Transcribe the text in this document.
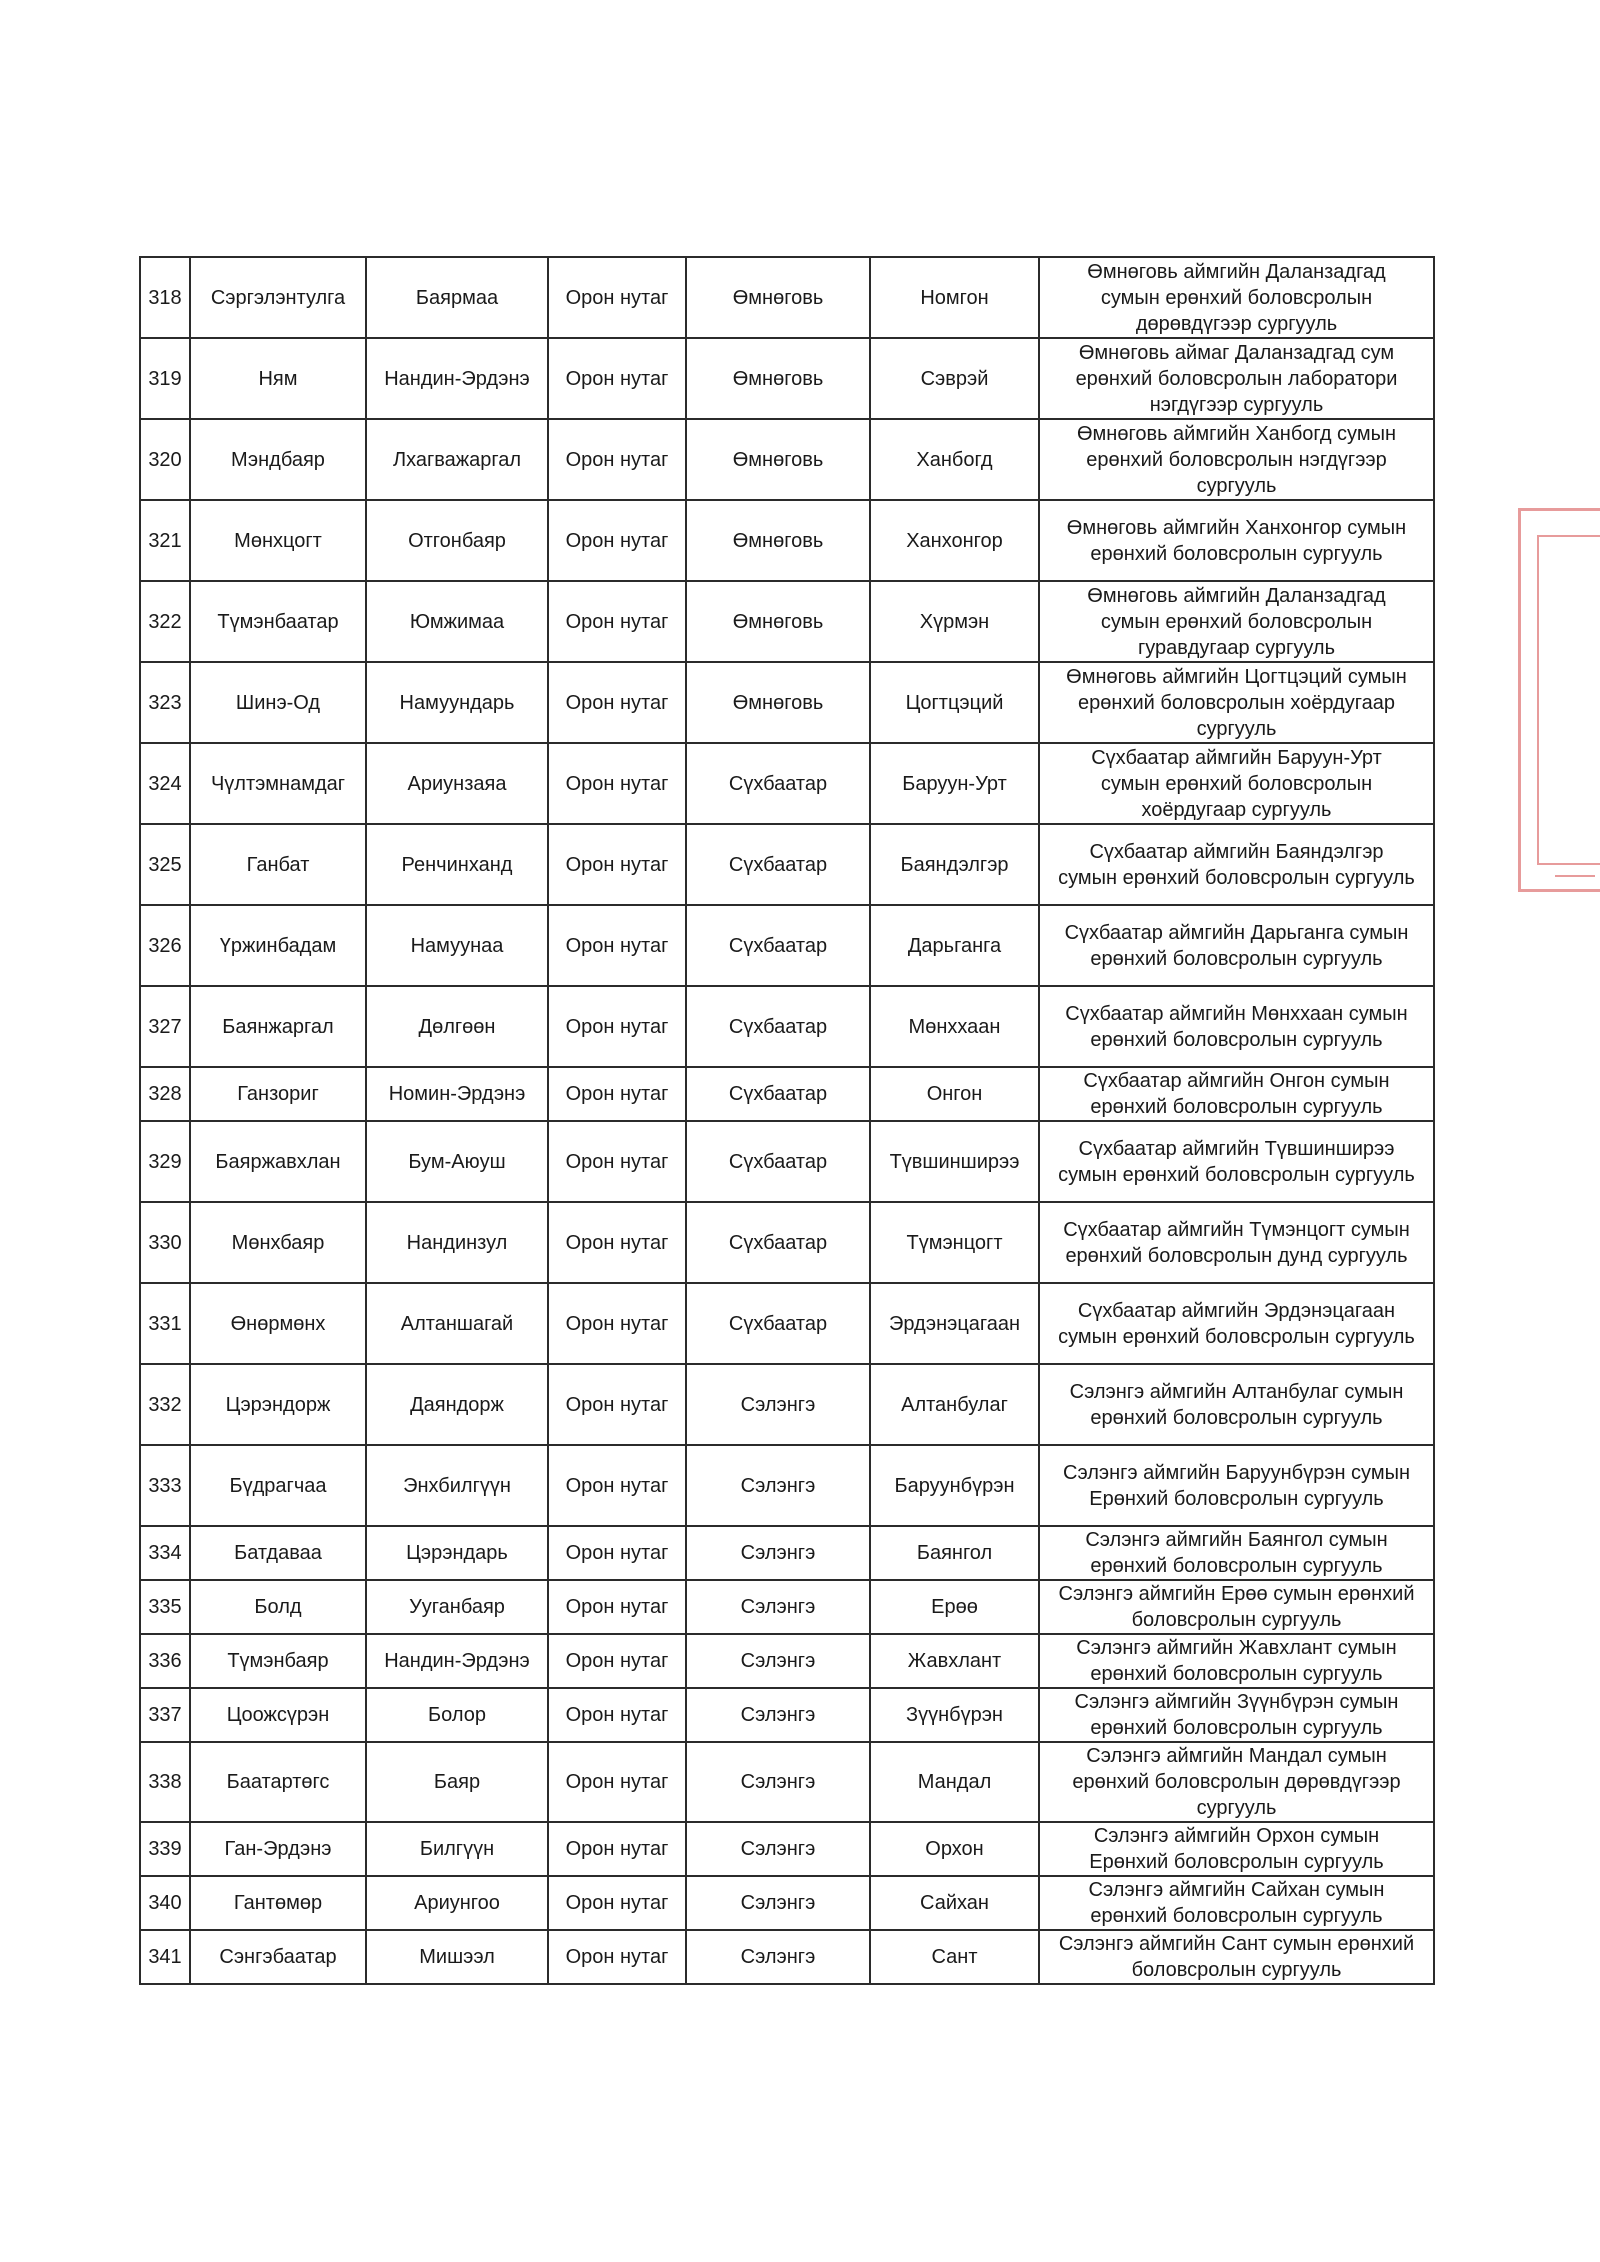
318	Сэргэлэнтулга	Баярмаа	Орон нутаг	Өмнөговь	Номгон	Өмнөговь аймгийн Даланзадгад
сумын ерөнхий боловсролын
дөрөвдүгээр сургууль

319	Ням	Нандин-Эрдэнэ	Орон нутаг	Өмнөговь	Сэврэй	Өмнөговь аймаг Даланзадгад сум
ерөнхий боловсролын лаборатори
нэгдүгээр сургууль

320	Мэндбаяр	Лхагважаргал	Орон нутаг	Өмнөговь	Ханбогд	Өмнөговь аймгийн Ханбогд сумын
ерөнхий боловсролын нэгдүгээр
сургууль

321	Мөнхцогт	Отгонбаяр	Орон нутаг	Өмнөговь	Ханхонгор	Өмнөговь аймгийн Ханхонгор сумын
ерөнхий боловсролын сургууль

322	Түмэнбаатар	Юмжимаа	Орон нутаг	Өмнөговь	Хүрмэн	Өмнөговь аймгийн Даланзадгад
сумын ерөнхий боловсролын
гуравдугаар сургууль

323	Шинэ-Од	Намуундарь	Орон нутаг	Өмнөговь	Цогтцэций	Өмнөговь аймгийн Цогтцэций сумын
ерөнхий боловсролын хоёрдугаар
сургууль

324	Чүлтэмнамдаг	Ариунзаяа	Орон нутаг	Сүхбаатар	Баруун-Урт	Сүхбаатар аймгийн Баруун-Урт
сумын ерөнхий боловсролын
хоёрдугаар сургууль

325	Ганбат	Ренчинханд	Орон нутаг	Сүхбаатар	Баяндэлгэр	Сүхбаатар аймгийн Баяндэлгэр
сумын ерөнхий боловсролын сургууль

326	Үржинбадам	Намуунаа	Орон нутаг	Сүхбаатар	Дарьганга	Сүхбаатар аймгийн Дарьганга сумын
ерөнхий боловсролын сургууль

327	Баянжаргал	Дөлгөөн	Орон нутаг	Сүхбаатар	Мөнххаан	Сүхбаатар аймгийн Мөнххаан сумын
ерөнхий боловсролын сургууль

328	Ганзориг	Номин-Эрдэнэ	Орон нутаг	Сүхбаатар	Онгон	Сүхбаатар аймгийн Онгон сумын
ерөнхий боловсролын сургууль

329	Баяржавхлан	Бум-Аюуш	Орон нутаг	Сүхбаатар	Түвшинширээ	Сүхбаатар аймгийн Түвшинширээ
сумын ерөнхий боловсролын сургууль

330	Мөнхбаяр	Нандинзул	Орон нутаг	Сүхбаатар	Түмэнцогт	Сүхбаатар аймгийн Түмэнцогт сумын
ерөнхий боловсролын дунд сургууль

331	Өнөрмөнх	Алтаншагай	Орон нутаг	Сүхбаатар	Эрдэнэцагаан	Сүхбаатар аймгийн Эрдэнэцагаан
сумын ерөнхий боловсролын сургууль

332	Цэрэндорж	Даяндорж	Орон нутаг	Сэлэнгэ	Алтанбулаг	Сэлэнгэ аймгийн Алтанбулаг сумын
ерөнхий боловсролын сургууль

333	Бүдрагчаа	Энхбилгүүн	Орон нутаг	Сэлэнгэ	Баруунбүрэн	Сэлэнгэ аймгийн Баруунбүрэн сумын
Ерөнхий боловсролын сургууль

334	Батдаваа	Цэрэндарь	Орон нутаг	Сэлэнгэ	Баянгол	Сэлэнгэ аймгийн Баянгол сумын
ерөнхий боловсролын сургууль

335	Болд	Ууганбаяр	Орон нутаг	Сэлэнгэ	Ерөө	Сэлэнгэ аймгийн Ерөө сумын ерөнхий
боловсролын сургууль

336	Түмэнбаяр	Нандин-Эрдэнэ	Орон нутаг	Сэлэнгэ	Жавхлант	Сэлэнгэ аймгийн Жавхлант сумын
ерөнхий боловсролын сургууль

337	Цоожсүрэн	Болор	Орон нутаг	Сэлэнгэ	Зүүнбүрэн	Сэлэнгэ аймгийн Зүүнбүрэн сумын
ерөнхий боловсролын сургууль

338	Баатартөгс	Баяр	Орон нутаг	Сэлэнгэ	Мандал	Сэлэнгэ аймгийн Мандал сумын
ерөнхий боловсролын дөрөвдүгээр
сургууль

339	Ган-Эрдэнэ	Билгүүн	Орон нутаг	Сэлэнгэ	Орхон	Сэлэнгэ аймгийн Орхон сумын
Ерөнхий боловсролын сургууль

340	Гантөмөр	Ариунгоо	Орон нутаг	Сэлэнгэ	Сайхан	Сэлэнгэ аймгийн Сайхан сумын
ерөнхий боловсролын сургууль

341	Сэнгэбаатар	Мишээл	Орон нутаг	Сэлэнгэ	Сант	Сэлэнгэ аймгийн Сант сумын ерөнхий
боловсролын сургууль
